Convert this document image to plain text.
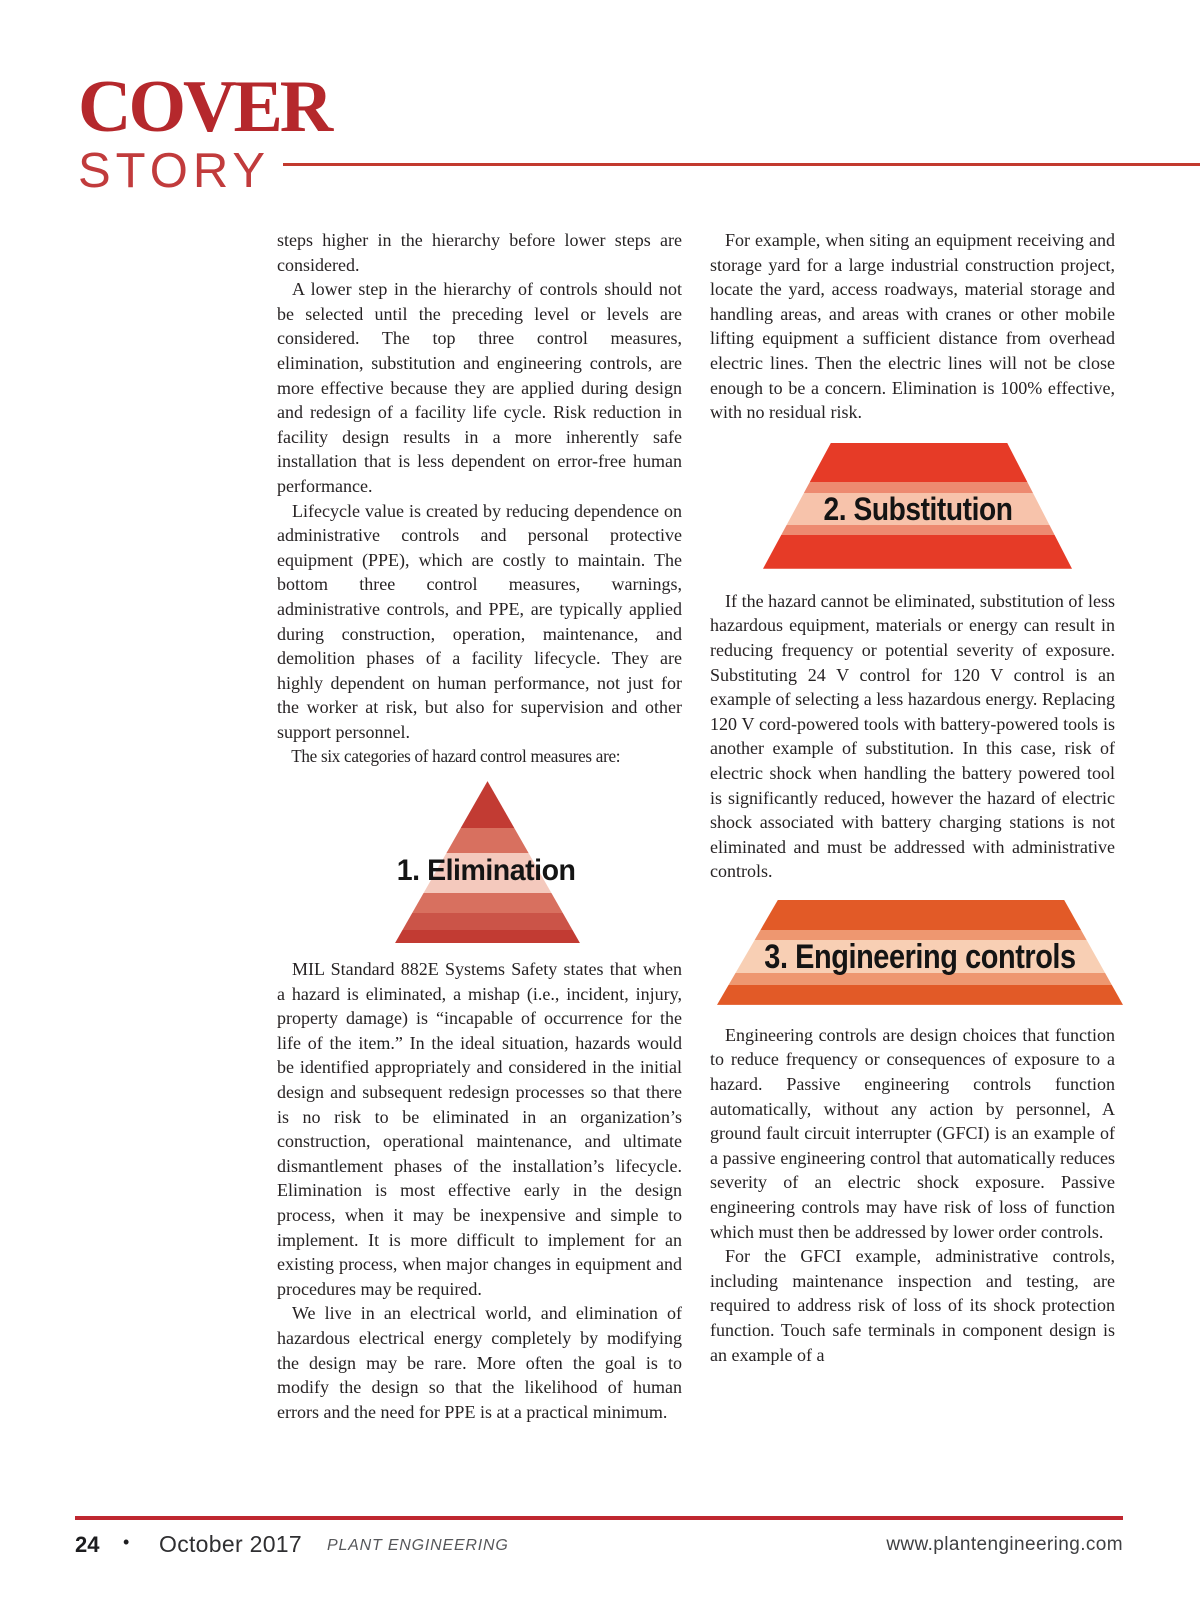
COVER
STORY

steps higher in the hierarchy before lower steps are considered.

A lower step in the hierarchy of controls should not be selected until the preceding level or levels are considered. The top three control measures, elimination, substitution and engineering controls, are more effective because they are applied during design and redesign of a facility life cycle. Risk reduction in facility design results in a more inherently safe installation that is less dependent on error-free human performance.

Lifecycle value is created by reducing dependence on administrative controls and personal protective equipment (PPE), which are costly to maintain. The bottom three control measures, warnings, administrative controls, and PPE, are typically applied during construction, operation, maintenance, and demolition phases of a facility lifecycle. They are highly dependent on human performance, not just for the worker at risk, but also for supervision and other support personnel.

The six categories of hazard control measures are:

1. Elimination

MIL Standard 882E Systems Safety states that when a hazard is eliminated, a mishap (i.e., incident, injury, property damage) is “incapable of occurrence for the life of the item.” In the ideal situation, hazards would be identified appropriately and considered in the initial design and subsequent redesign processes so that there is no risk to be eliminated in an organization’s construction, operational maintenance, and ultimate dismantlement phases of the installation’s lifecycle. Elimination is most effective early in the design process, when it may be inexpensive and simple to implement. It is more difficult to implement for an existing process, when major changes in equipment and procedures may be required.

We live in an electrical world, and elimination of hazardous electrical energy completely by modifying the design may be rare. More often the goal is to modify the design so that the likelihood of human errors and the need for PPE is at a practical minimum.

For example, when siting an equipment receiving and storage yard for a large industrial construction project, locate the yard, access roadways, material storage and handling areas, and areas with cranes or other mobile lifting equipment a sufficient distance from overhead electric lines. Then the electric lines will not be close enough to be a concern. Elimination is 100% effective, with no residual risk.

2. Substitution

If the hazard cannot be eliminated, substitution of less hazardous equipment, materials or energy can result in reducing frequency or potential severity of exposure. Substituting 24 V control for 120 V control is an example of selecting a less hazardous energy. Replacing 120 V cord-powered tools with battery-powered tools is another example of substitution. In this case, risk of electric shock when handling the battery powered tool is significantly reduced, however the hazard of electric shock associated with battery charging stations is not eliminated and must be addressed with administrative controls.

3. Engineering controls

Engineering controls are design choices that function to reduce frequency or consequences of exposure to a hazard. Passive engineering controls function automatically, without any action by personnel, A ground fault circuit interrupter (GFCI) is an example of a passive engineering control that automatically reduces severity of an electric shock exposure. Passive engineering controls may have risk of loss of function which must then be addressed by lower order controls.

For the GFCI example, administrative controls, including maintenance inspection and testing, are required to address risk of loss of its shock protection function. Touch safe terminals in component design is an example of a

24 • October 2017 PLANT ENGINEERING	www.plantengineering.com
